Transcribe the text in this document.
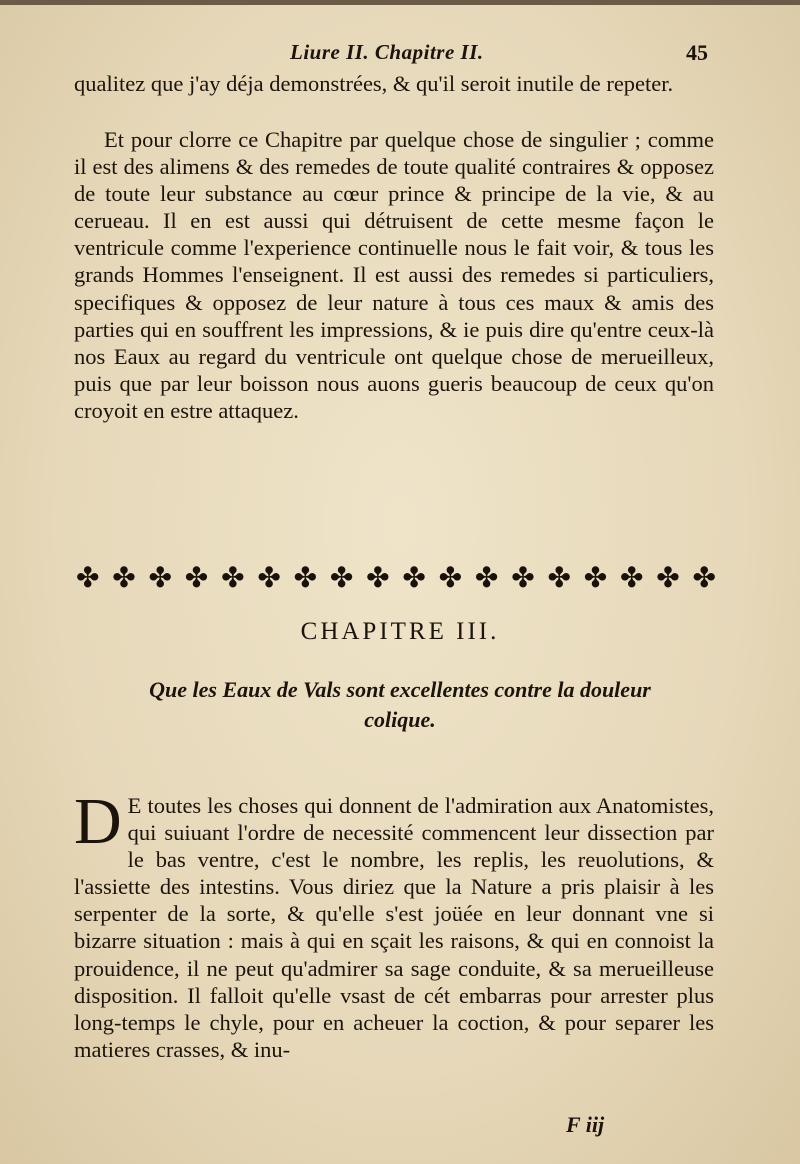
Liure II. Chapitre II.	45

qualitez que j'ay déja demonstrées, & qu'il seroit inutile de repeter.

Et pour clorre ce Chapitre par quelque chose de singulier ; comme il est des alimens & des remedes de toute qualité contraires & opposez de toute leur substance au cœur prince & principe de la vie, & au cerueau. Il en est aussi qui détruisent de cette mesme façon le ventricule comme l'experience continuelle nous le fait voir, & tous les grands Hommes l'enseignent. Il est aussi des remedes si particuliers, specifiques & opposez de leur nature à tous ces maux & amis des parties qui en souffrent les impressions, & ie puis dire qu'entre ceux-là nos Eaux au regard du ventricule ont quelque chose de merueilleux, puis que par leur boisson nous auons gueris beaucoup de ceux qu'on croyoit en estre attaquez.

✤ ✤ ✤ ✤ ✤ ✤ ✤ ✤ ✤ ✤ ✤ ✤ ✤ ✤ ✤ ✤ ✤ ✤
CHAPITRE III.
Que les Eaux de Vals sont excellentes contre la douleur colique.

D E toutes les choses qui donnent de l'admiration aux Anatomistes, qui suiuant l'ordre de necessité commencent leur dissection par le bas ventre, c'est le nombre, les replis, les reuolutions, & l'assiette des intestins. Vous diriez que la Nature a pris plaisir à les serpenter de la sorte, & qu'elle s'est joüée en leur donnant vne si bizarre situation : mais à qui en sçait les raisons, & qui en connoist la prouidence, il ne peut qu'admirer sa sage conduite, & sa merueilleuse disposition. Il falloit qu'elle vsast de cét embarras pour arrester plus long-temps le chyle, pour en acheuer la coction, & pour separer les matieres crasses, & inu-

F iij
